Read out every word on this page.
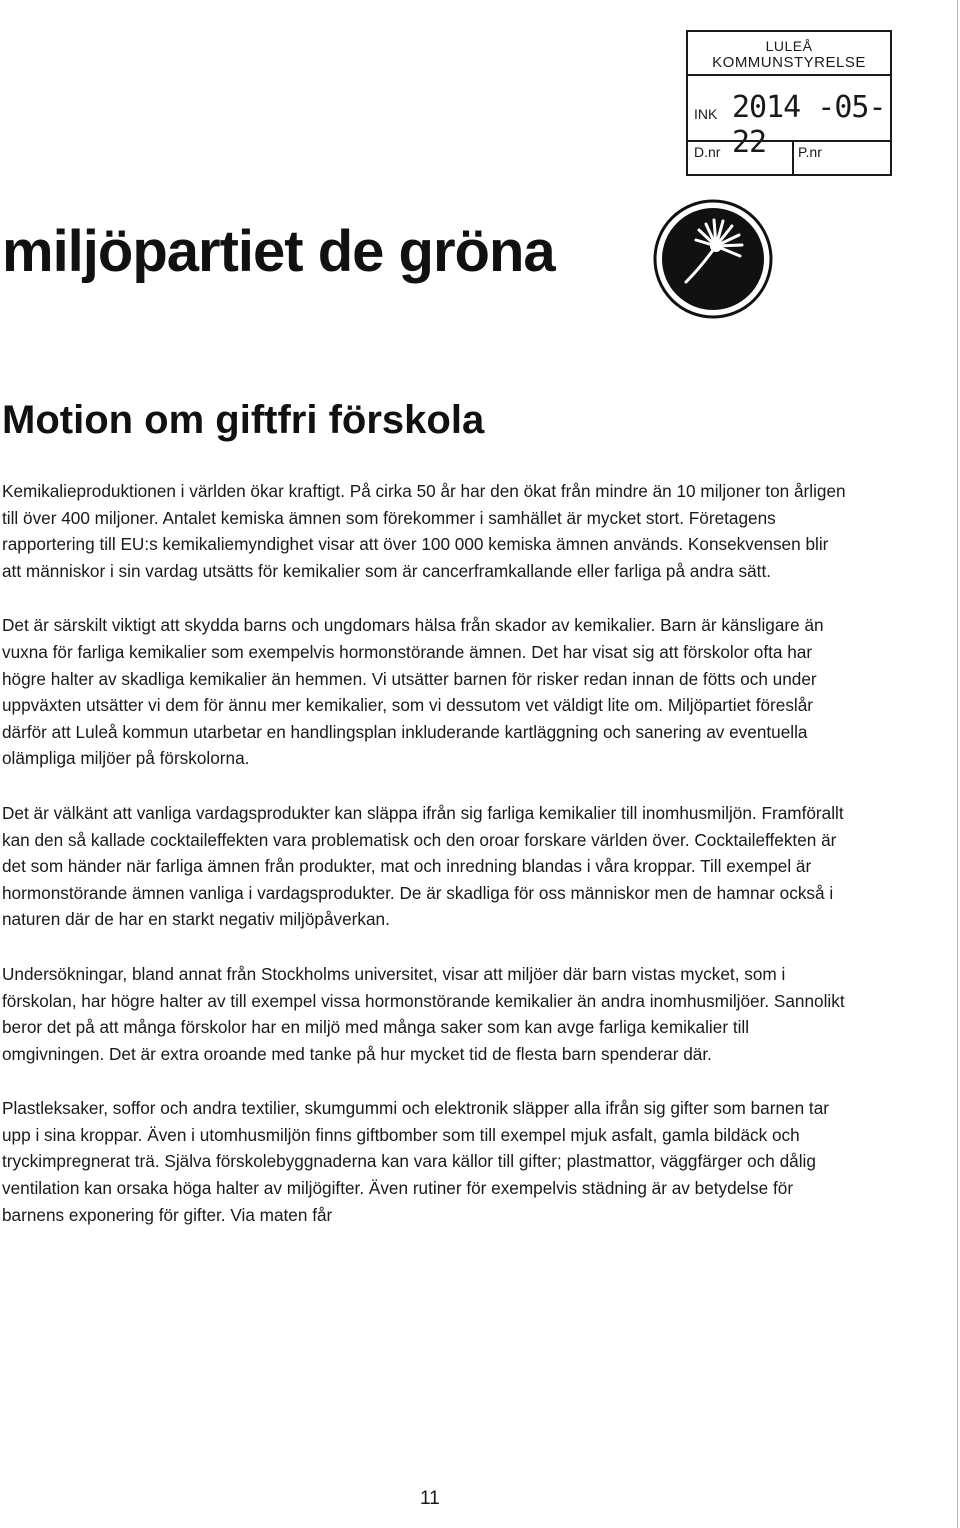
LULEÅ
KOMMUNSTYRELSE
INK 2014 -05- 22
D.nr	P.nr
miljöpartiet de gröna
Motion om giftfri förskola

Kemikalieproduktionen i världen ökar kraftigt. På cirka 50 år har den ökat från mindre än 10 miljoner ton årligen till över 400 miljoner. Antalet kemiska ämnen som förekommer i samhället är mycket stort. Företagens rapportering till EU:s kemikaliemyndighet visar att över 100 000 kemiska ämnen används. Konsekvensen blir att människor i sin vardag utsätts för kemikalier som är cancerframkallande eller farliga på andra sätt.

Det är särskilt viktigt att skydda barns och ungdomars hälsa från skador av kemikalier. Barn är känsligare än vuxna för farliga kemikalier som exempelvis hormonstörande ämnen. Det har visat sig att förskolor ofta har högre halter av skadliga kemikalier än hemmen. Vi utsätter barnen för risker redan innan de fötts och under uppväxten utsätter vi dem för ännu mer kemikalier, som vi dessutom vet väldigt lite om. Miljöpartiet föreslår därför att Luleå kommun utarbetar en handlingsplan inkluderande kartläggning och sanering av eventuella olämpliga miljöer på förskolorna.

Det är välkänt att vanliga vardagsprodukter kan släppa ifrån sig farliga kemikalier till inomhusmiljön. Framförallt kan den så kallade cocktaileffekten vara problematisk och den oroar forskare världen över. Cocktaileffekten är det som händer när farliga ämnen från produkter, mat och inredning blandas i våra kroppar. Till exempel är hormonstörande ämnen vanliga i vardagsprodukter. De är skadliga för oss människor men de hamnar också i naturen där de har en starkt negativ miljöpåverkan.

Undersökningar, bland annat från Stockholms universitet, visar att miljöer där barn vistas mycket, som i förskolan, har högre halter av till exempel vissa hormonstörande kemikalier än andra inomhusmiljöer. Sannolikt beror det på att många förskolor har en miljö med många saker som kan avge farliga kemikalier till omgivningen. Det är extra oroande med tanke på hur mycket tid de flesta barn spenderar där.

Plastleksaker, soffor och andra textilier, skumgummi och elektronik släpper alla ifrån sig gifter som barnen tar upp i sina kroppar. Även i utomhusmiljön finns giftbomber som till exempel mjuk asfalt, gamla bildäck och tryckimpregnerat trä. Själva förskolebyggnaderna kan vara källor till gifter; plastmattor, väggfärger och dålig ventilation kan orsaka höga halter av miljögifter. Även rutiner för exempelvis städning är av betydelse för barnens exponering för gifter. Via maten får

11
